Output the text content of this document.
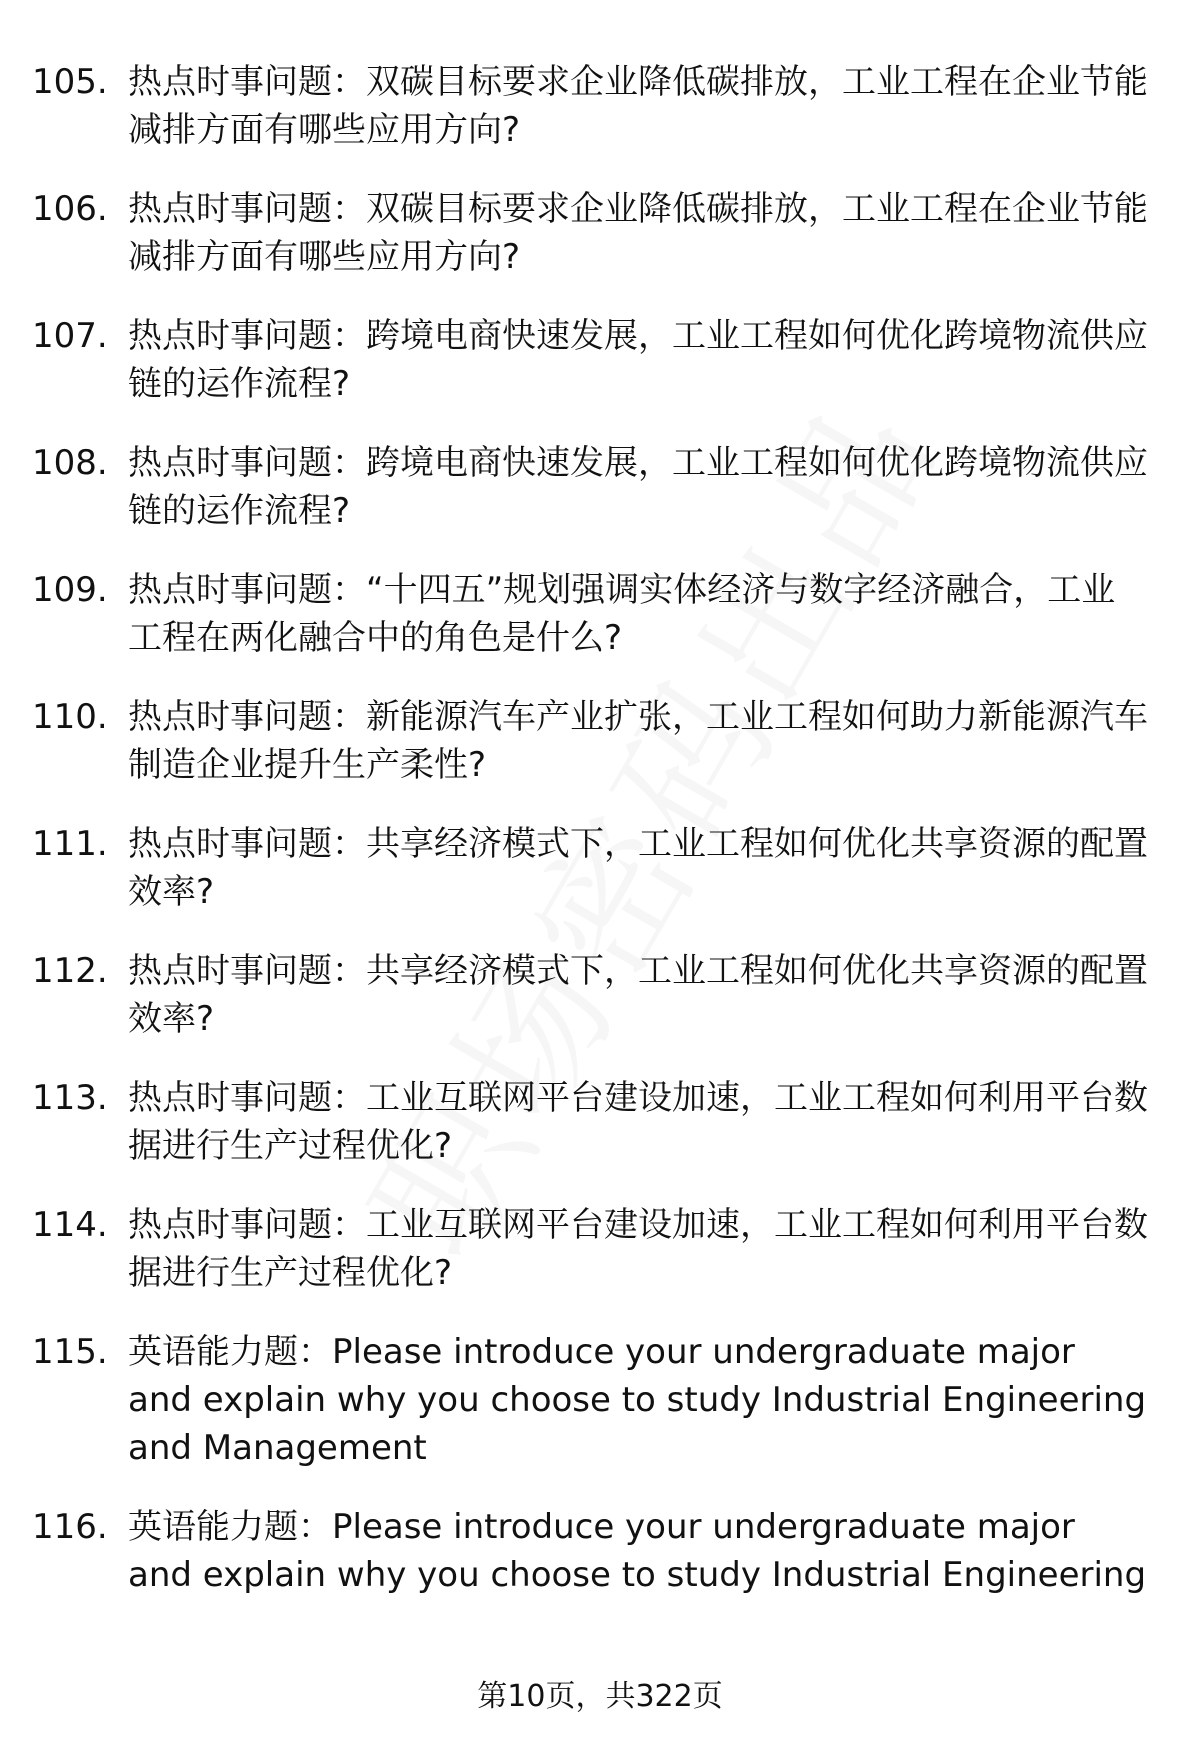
105. 热点时事问题：双碳目标要求企业降低碳排放，工业工程在企业节能减排方面有哪些应用方向?
106. 热点时事问题：双碳目标要求企业降低碳排放，工业工程在企业节能减排方面有哪些应用方向?
107. 热点时事问题：跨境电商快速发展，工业工程如何优化跨境物流供应链的运作流程?
108. 热点时事问题：跨境电商快速发展，工业工程如何优化跨境物流供应链的运作流程?
109. 热点时事问题：“十四五”规划强调实体经济与数字经济融合，工业工程在两化融合中的角色是什么?
110. 热点时事问题：新能源汽车产业扩张，工业工程如何助力新能源汽车制造企业提升生产柔性?
111. 热点时事问题：共享经济模式下，工业工程如何优化共享资源的配置效率?
112. 热点时事问题：共享经济模式下，工业工程如何优化共享资源的配置效率?
113. 热点时事问题：工业互联网平台建设加速，工业工程如何利用平台数据进行生产过程优化?
114. 热点时事问题：工业互联网平台建设加速，工业工程如何利用平台数据进行生产过程优化?
115. 英语能力题：Please introduce your undergraduate major and explain why you choose to study Industrial Engineering and Management
116. 英语能力题：Please introduce your undergraduate major and explain why you choose to study Industrial Engineering
第10页，共322页
